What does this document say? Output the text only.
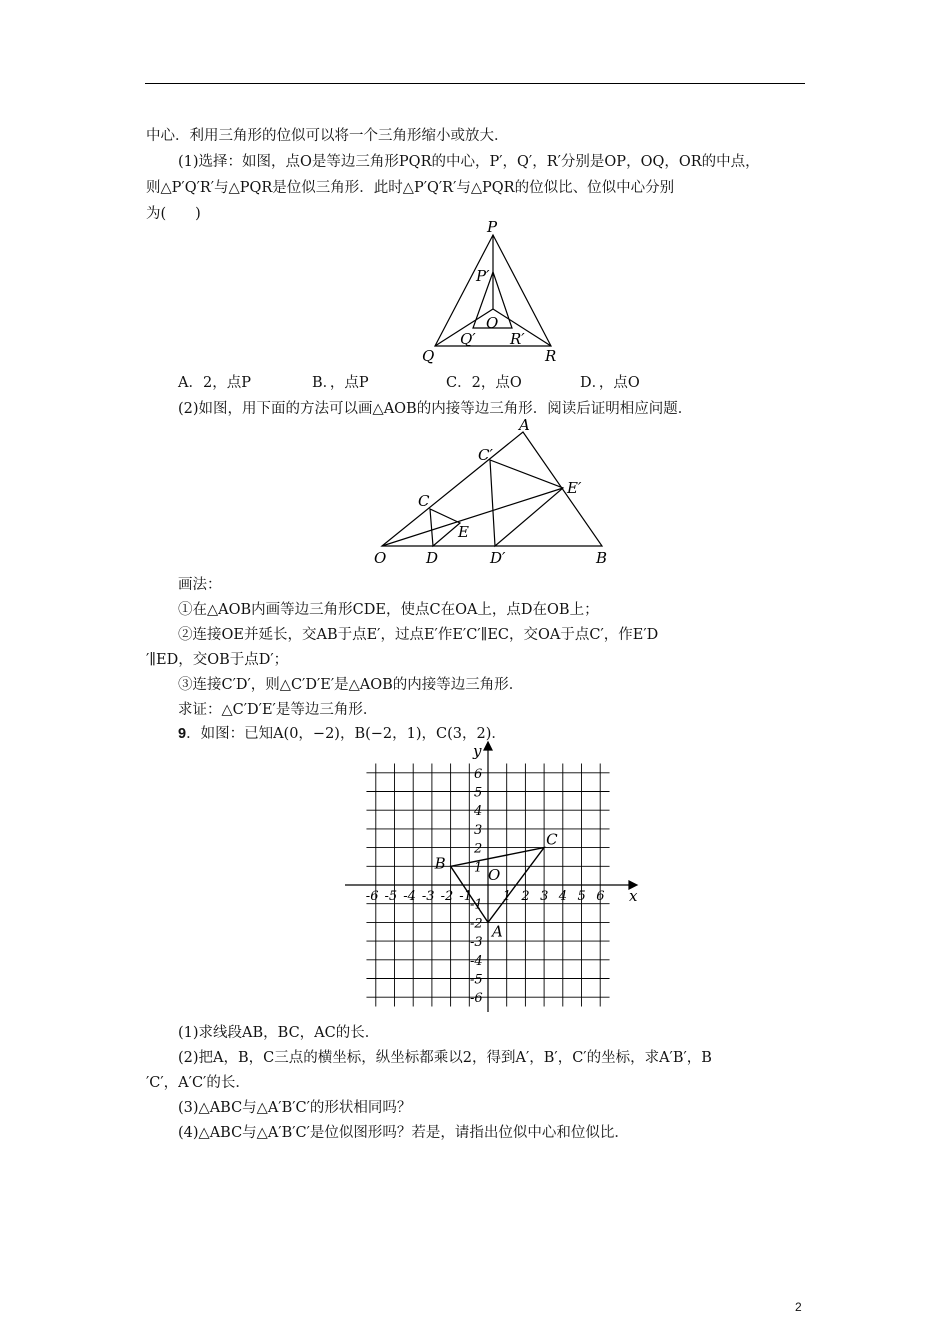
中心．利用三角形的位似可以将一个三角形缩小或放大．
(1)选择：如图，点O是等边三角形PQR的中心，P′，Q′，R′分别是OP，OQ，OR的中点，
则△P′Q′R′与△PQR是位似三角形．此时△P′Q′R′与△PQR的位似比、位似中心分别
为(　　)
P
P′
O
Q
Q′
R
R′
A．2，点P	B．，点P	C．2，点O	D．，点O
(2)如图，用下面的方法可以画△AOB的内接等边三角形．阅读后证明相应问题．
A
C′
E′
C
E
O	D	D′	B
画法：
①在△AOB内画等边三角形CDE，使点C在OA上，点D在OB上；
②连接OE并延长，交AB于点E′，过点E′作E′C′∥EC，交OA于点C′，作E′D
′∥ED，交OB于点D′；
③连接C′D′，则△C′D′E′是△AOB的内接等边三角形．
求证：△C′D′E′是等边三角形．
9．如图：已知A(0，−2)，B(−2，1)，C(3，2)．
-6 -5 -4 -3 -2 -1 1 2 3 4 5 6
6
5
4
3
2
1
-1
-2
-3
-4
-5
-6
x
y
O
A
B
C
(1)求线段AB，BC，AC的长．
(2)把A，B，C三点的横坐标，纵坐标都乘以2，得到A′，B′，C′的坐标，求A′B′，B
′C′，A′C′的长．
(3)△ABC与△A′B′C′的形状相同吗？
(4)△ABC与△A′B′C′是位似图形吗？若是，请指出位似中心和位似比．
2
